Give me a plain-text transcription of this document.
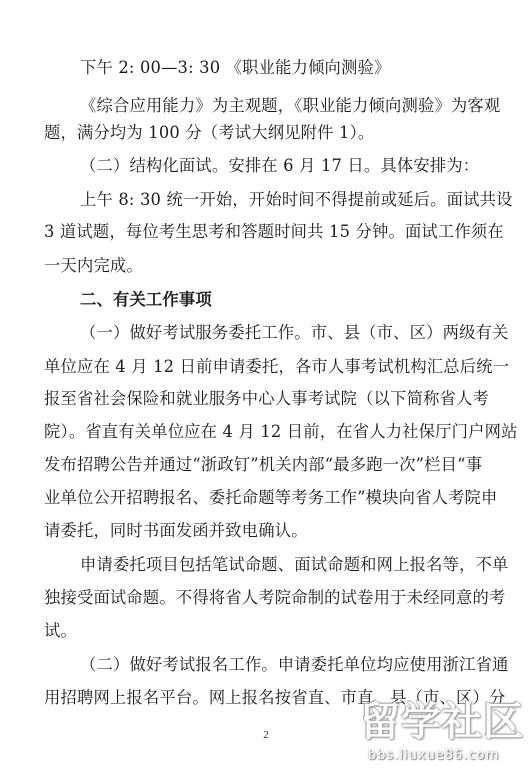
下午 2: 00—3: 30 《职业能力倾向测验》
《综合应用能力》为主观题，《职业能力倾向测验》为客观
题，满分均为 100 分（考试大纲见附件 1）。
（二）结构化面试。安排在 6 月 17 日。具体安排为：
上午 8: 30 统一开始，开始时间不得提前或延后。面试共设
3 道试题，每位考生思考和答题时间共 15 分钟。面试工作须在
一天内完成。
二、有关工作事项
（一）做好考试服务委托工作。市、县（市、区）两级有关
单位应在 4 月 12 日前申请委托，各市人事考试机构汇总后统一
报至省社会保险和就业服务中心人事考试院（以下简称省人考
院）。省直有关单位应在 4 月 12 日前，在省人力社保厅门户网站
发布招聘公告并通过“浙政钉”机关内部“最多跑一次”栏目“事
业单位公开招聘报名、委托命题等考务工作”模块向省人考院申
请委托，同时书面发函并致电确认。
申请委托项目包括笔试命题、面试命题和网上报名等，不单
独接受面试命题。不得将省人考院命制的试卷用于未经同意的考
试。
（二）做好考试报名工作。申请委托单位均应使用浙江省通
用招聘网上报名平台。网上报名按省直、市直、县（市、区）分
2	留学社区
bbs.liuxue86.com
